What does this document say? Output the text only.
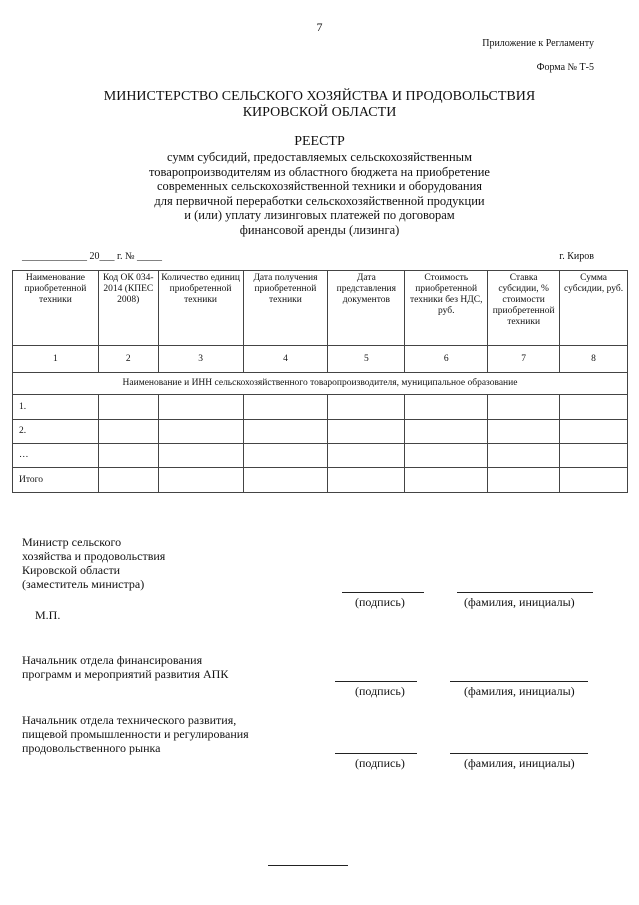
7
Приложение к Регламенту
Форма № Т-5
МИНИСТЕРСТВО СЕЛЬСКОГО ХОЗЯЙСТВА И ПРОДОВОЛЬСТВИЯ
КИРОВСКОЙ ОБЛАСТИ
РЕЕСТР
сумм субсидий, предоставляемых сельскохозяйственным
товаропроизводителям из областного бюджета на приобретение
современных сельскохозяйственной техники и оборудования
для первичной переработки сельскохозяйственной продукции
и (или) уплату лизинговых платежей по договорам
финансовой аренды (лизинга)
_____________ 20___ г. № _____	г. Киров
Наименование приобретенной техники	Код ОК 034-2014 (КПЕС 2008)	Количество единиц приобретенной техники	Дата получения приобретенной техники	Дата представления документов	Стоимость приобретенной техники без НДС, руб.	Ставка субсидии, % стоимости приобретенной техники	Сумма субсидии, руб.
1	2	3	4	5	6	7	8
Наименование и ИНН сельскохозяйственного товаропроизводителя, муниципальное образование							
1.							
2.							
…							
Итого							
Министр сельского
хозяйства и продовольствия
Кировской области
(заместитель министра)
(подпись)	(фамилия, инициалы)
М.П.
Начальник отдела финансирования
программ и мероприятий развития АПК
(подпись)	(фамилия, инициалы)
Начальник отдела технического развития,
пищевой промышленности и регулирования
продовольственного рынка
(подпись)	(фамилия, инициалы)
